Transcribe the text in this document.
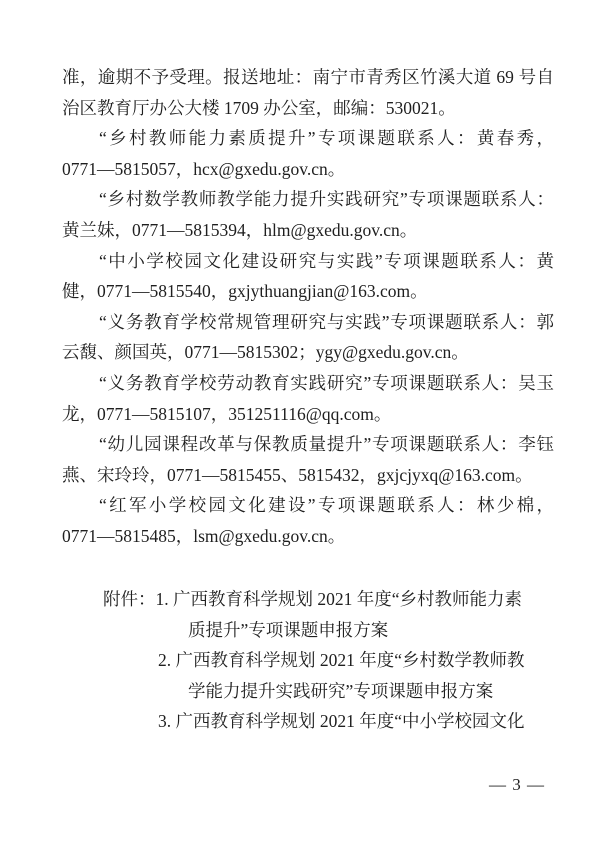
准，逾期不予受理。报送地址：南宁市青秀区竹溪大道 69 号自
治区教育厅办公大楼 1709 办公室，邮编：530021。
“乡村教师能力素质提升”专项课题联系人：黄春秀，
0771—5815057，hcx@gxedu.gov.cn。
“乡村数学教师教学能力提升实践研究”专项课题联系人：
黄兰妹，0771—5815394，hlm@gxedu.gov.cn。
“中小学校园文化建设研究与实践”专项课题联系人：黄
健，0771—5815540，gxjythuangjian@163.com。
“义务教育学校常规管理研究与实践”专项课题联系人：郭
云馥、颜国英，0771—5815302；ygy@gxedu.gov.cn。
“义务教育学校劳动教育实践研究”专项课题联系人：吴玉
龙，0771—5815107，351251116@qq.com。
“幼儿园课程改革与保教质量提升”专项课题联系人：李钰
燕、宋玲玲，0771—5815455、5815432，gxjcjyxq@163.com。
“红军小学校园文化建设”专项课题联系人：林少棉，
0771—5815485，lsm@gxedu.gov.cn。
附件：1. 广西教育科学规划 2021 年度“乡村教师能力素
质提升”专项课题申报方案
2. 广西教育科学规划 2021 年度“乡村数学教师教
学能力提升实践研究”专项课题申报方案
3. 广西教育科学规划 2021 年度“中小学校园文化
— 3 —
